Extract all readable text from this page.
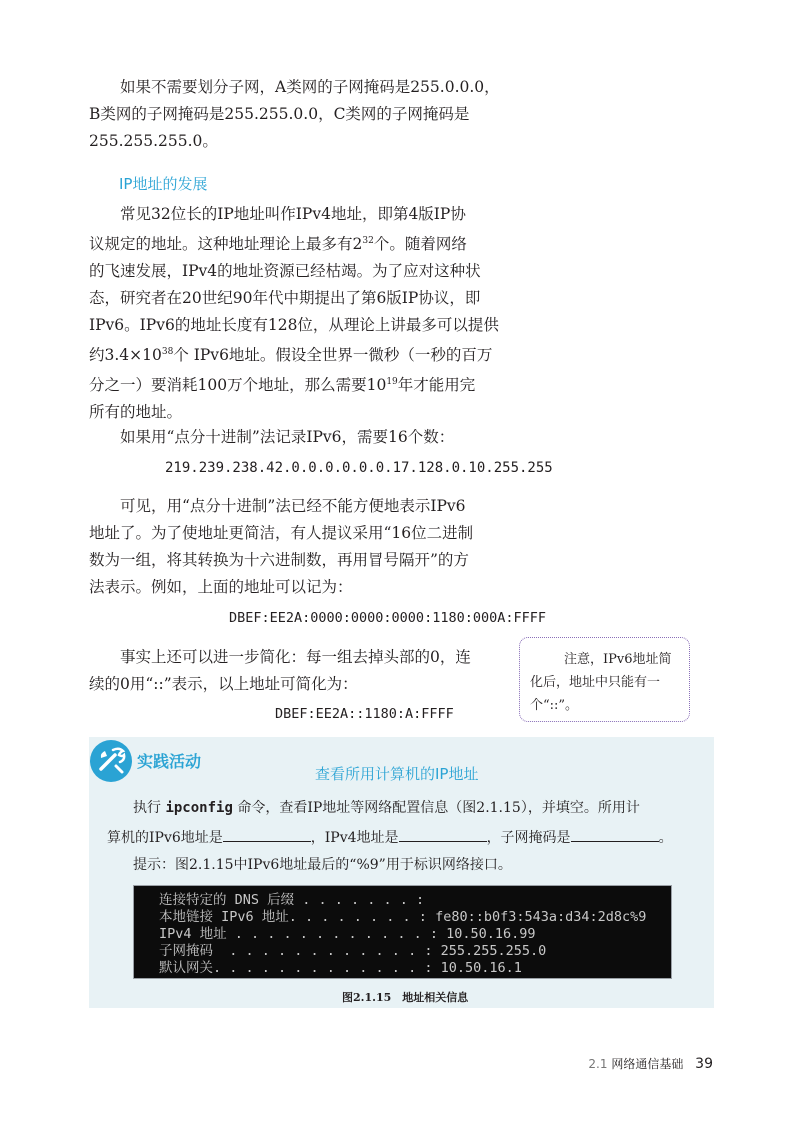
如果不需要划分子网，A类网的子网掩码是255.0.0.0，
B类网的子网掩码是255.255.0.0，C类网的子网掩码是
255.255.255.0。
IP地址的发展
常见32位长的IP地址叫作IPv4地址，即第4版IP协
议规定的地址。这种地址理论上最多有$2^{32}$个。随着网络
的飞速发展，IPv4的地址资源已经枯竭。为了应对这种状
态，研究者在20世纪90年代中期提出了第6版IP协议，即
IPv6。IPv6的地址长度有128位，从理论上讲最多可以提供
约$3.4\times 10^{38}$个 IPv6地址。假设全世界一微秒（一秒的百万
分之一）要消耗100万个地址，那么需要$10^{19}$年才能用完
所有的地址。
如果用“点分十进制”法记录IPv6，需要16个数：
219.239.238.42.0.0.0.0.0.0.17.128.0.10.255.255
可见，用“点分十进制”法已经不能方便地表示IPv6
地址了。为了使地址更简洁，有人提议采用“16位二进制
数为一组，将其转换为十六进制数，再用冒号隔开”的方
法表示。例如，上面的地址可以记为：
DBEF:EE2A:0000:0000:0000:1180:000A:FFFF
事实上还可以进一步简化：每一组去掉头部的0，连
续的0用“::”表示，以上地址可简化为：
DBEF:EE2A::1180:A:FFFF
注意，IPv6地址简
化后，地址中只能有一
个“::”。
实践活动
查看所用计算机的IP地址
执行 ipconfig 命令，查看IP地址等网络配置信息（图2.1.15），并填空。所用计
算机的IPv6地址是	，IPv4地址是	，子网掩码是	。
提示：图2.1.15中IPv6地址最后的“%9”用于标识网络接口。
连接特定的 DNS 后缀 . . . . . . . :
本地链接 IPv6 地址. . . . . . . . : fe80::b0f3:543a:d34:2d8c%9
IPv4 地址 . . . . . . . . . . . . : 10.50.16.99
子网掩码  . . . . . . . . . . . . : 255.255.255.0
默认网关. . . . . . . . . . . . . : 10.50.16.1
图2.1.15　地址相关信息
2.1 网络通信基础 39
